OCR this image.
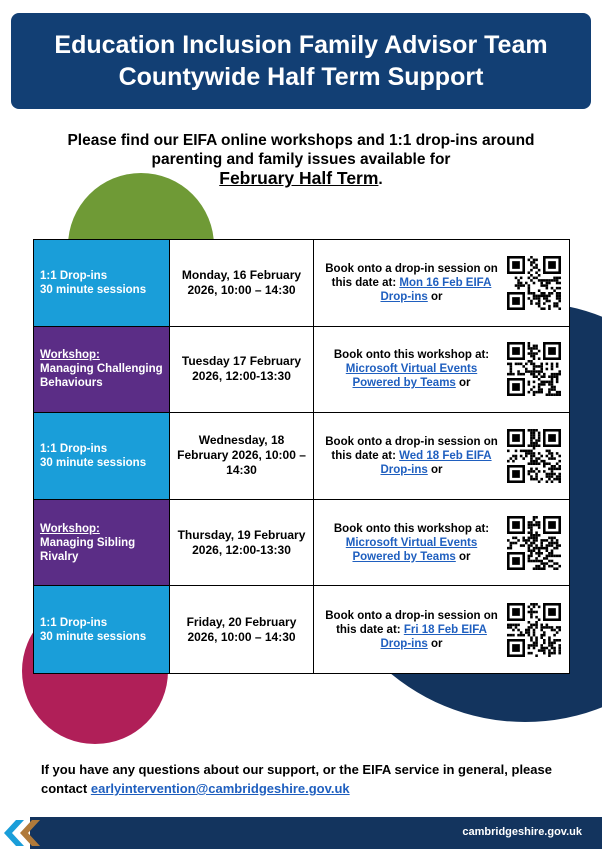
Education Inclusion Family Advisor Team
Countywide Half Term Support
Please find our EIFA online workshops and 1:1 drop-ins around
parenting and family issues available for
February Half Term.
1:1 Drop-ins
30 minute sessions
Monday, 16 February 2026, 10:00 – 14:30
Book onto a drop-in session on this date at: Mon 16 Feb EIFA Drop-ins or
Workshop:
Managing Challenging Behaviours
Tuesday 17 February 2026, 12:00-13:30
Book onto this workshop at: Microsoft Virtual Events Powered by Teams or
1:1 Drop-ins
30 minute sessions
Wednesday, 18 February 2026, 10:00 – 14:30
Book onto a drop-in session on this date at: Wed 18 Feb EIFA Drop-ins or
Workshop:
Managing Sibling Rivalry
Thursday, 19 February 2026, 12:00-13:30
Book onto this workshop at: Microsoft Virtual Events Powered by Teams or
1:1 Drop-ins
30 minute sessions
Friday, 20 February 2026, 10:00 – 14:30
Book onto a drop-in session on this date at: Fri 18 Feb EIFA Drop-ins or
If you have any questions about our support, or the EIFA service in general, please contact earlyintervention@cambridgeshire.gov.uk
cambridgeshire.gov.uk
